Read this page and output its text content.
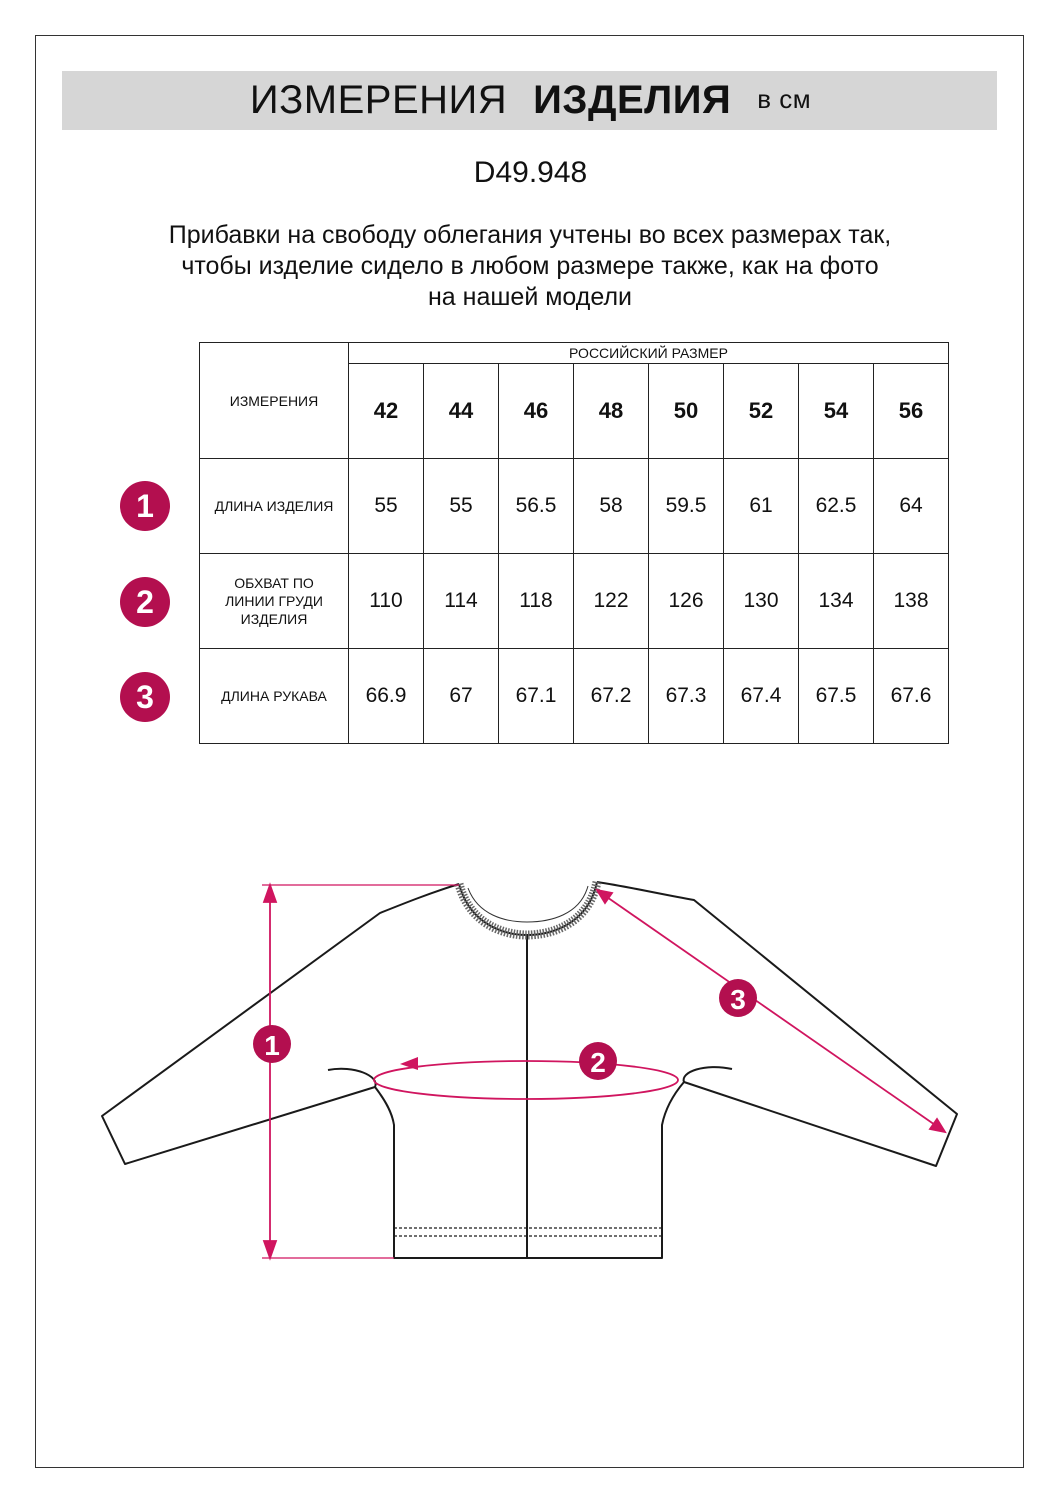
ИЗМЕРЕНИЯ ИЗДЕЛИЯ в см
D49.948
Прибавки на свободу облегания учтены во всех размерах так,
чтобы изделие сидело в любом размере также, как на фото
на нашей модели
ИЗМЕРЕНИЯ	РОССИЙСКИЙ РАЗМЕР							
	42	44	46	48	50	52	54	56
ДЛИНА ИЗДЕЛИЯ	55	55	56.5	58	59.5	61	62.5	64
ОБХВАТ ПО ЛИНИИ ГРУДИ ИЗДЕЛИЯ	110	114	118	122	126	130	134	138
ДЛИНА РУКАВА	66.9	67	67.1	67.2	67.3	67.4	67.5	67.6
1
2
3
1
2
3
